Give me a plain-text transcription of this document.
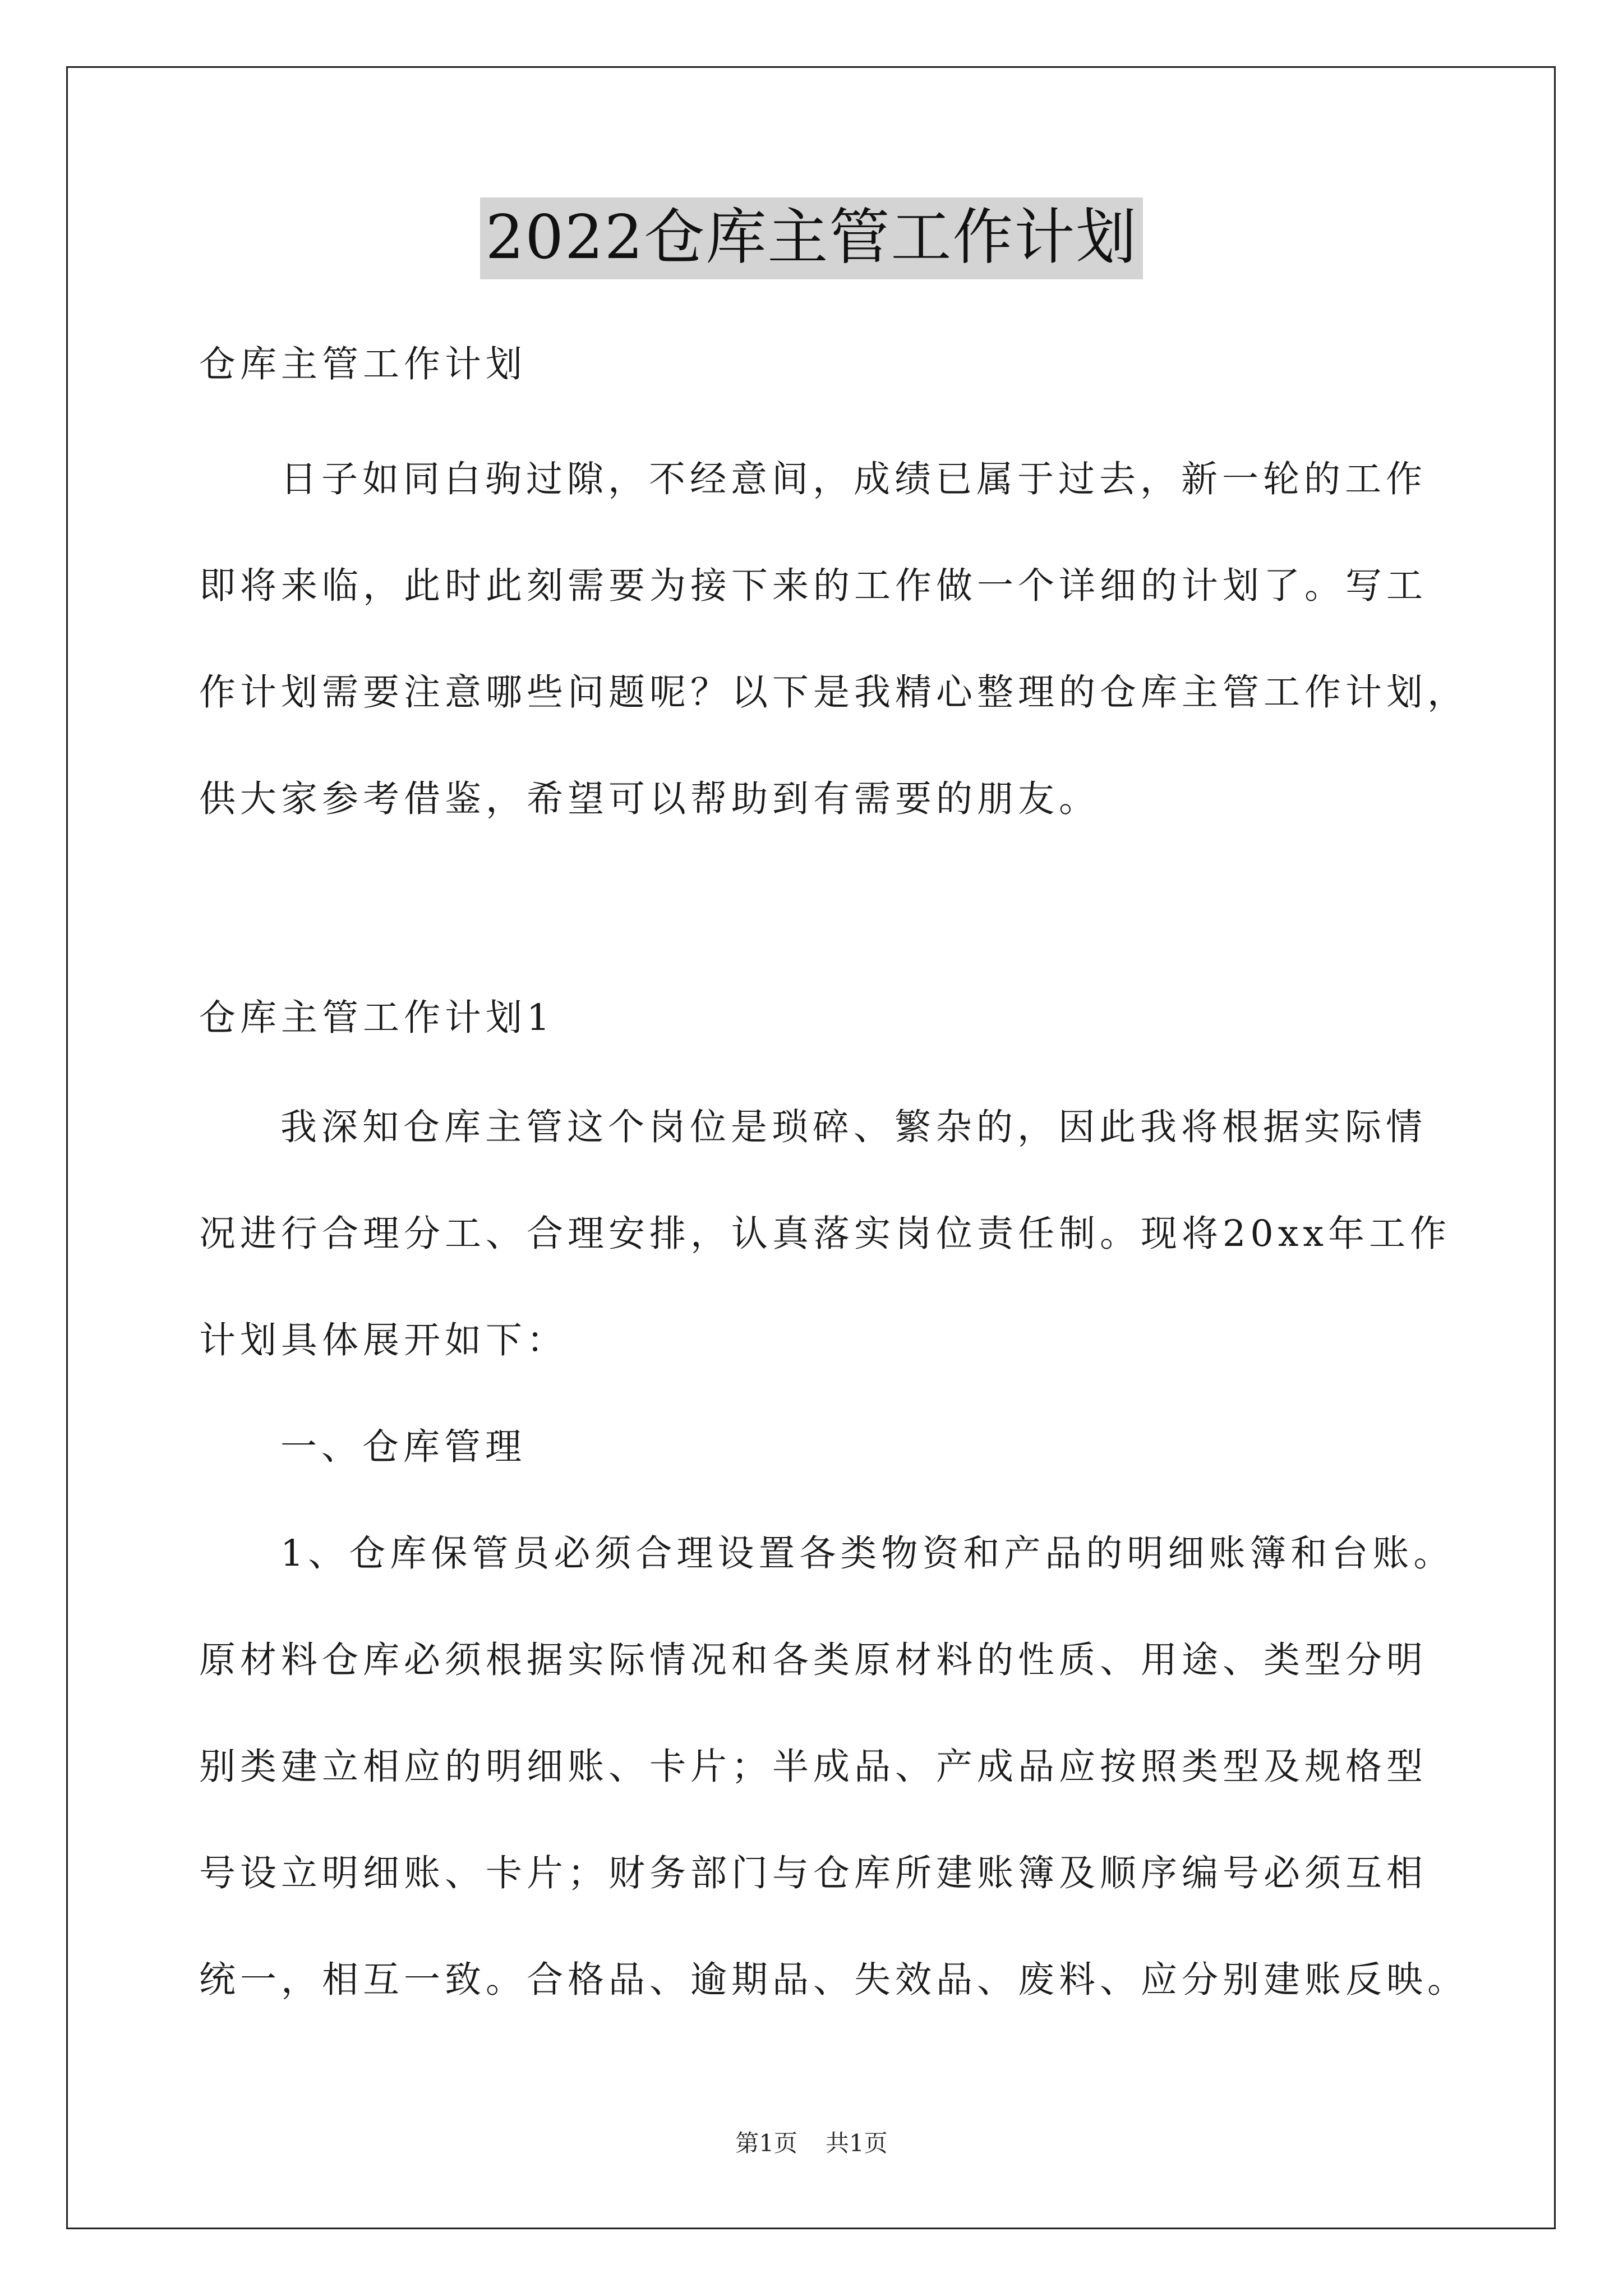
2022仓库主管工作计划
仓库主管工作计划
日子如同白驹过隙，不经意间，成绩已属于过去，新一轮的工作
即将来临，此时此刻需要为接下来的工作做一个详细的计划了。写工
作计划需要注意哪些问题呢？以下是我精心整理的仓库主管工作计划，
供大家参考借鉴，希望可以帮助到有需要的朋友。
仓库主管工作计划1
我深知仓库主管这个岗位是琐碎、繁杂的，因此我将根据实际情
况进行合理分工、合理安排，认真落实岗位责任制。现将20xx年工作
计划具体展开如下：
一、仓库管理
1、仓库保管员必须合理设置各类物资和产品的明细账簿和台账。
原材料仓库必须根据实际情况和各类原材料的性质、用途、类型分明
别类建立相应的明细账、卡片；半成品、产成品应按照类型及规格型
号设立明细账、卡片；财务部门与仓库所建账簿及顺序编号必须互相
统一，相互一致。合格品、逾期品、失效品、废料、应分别建账反映。
第1页 共1页
